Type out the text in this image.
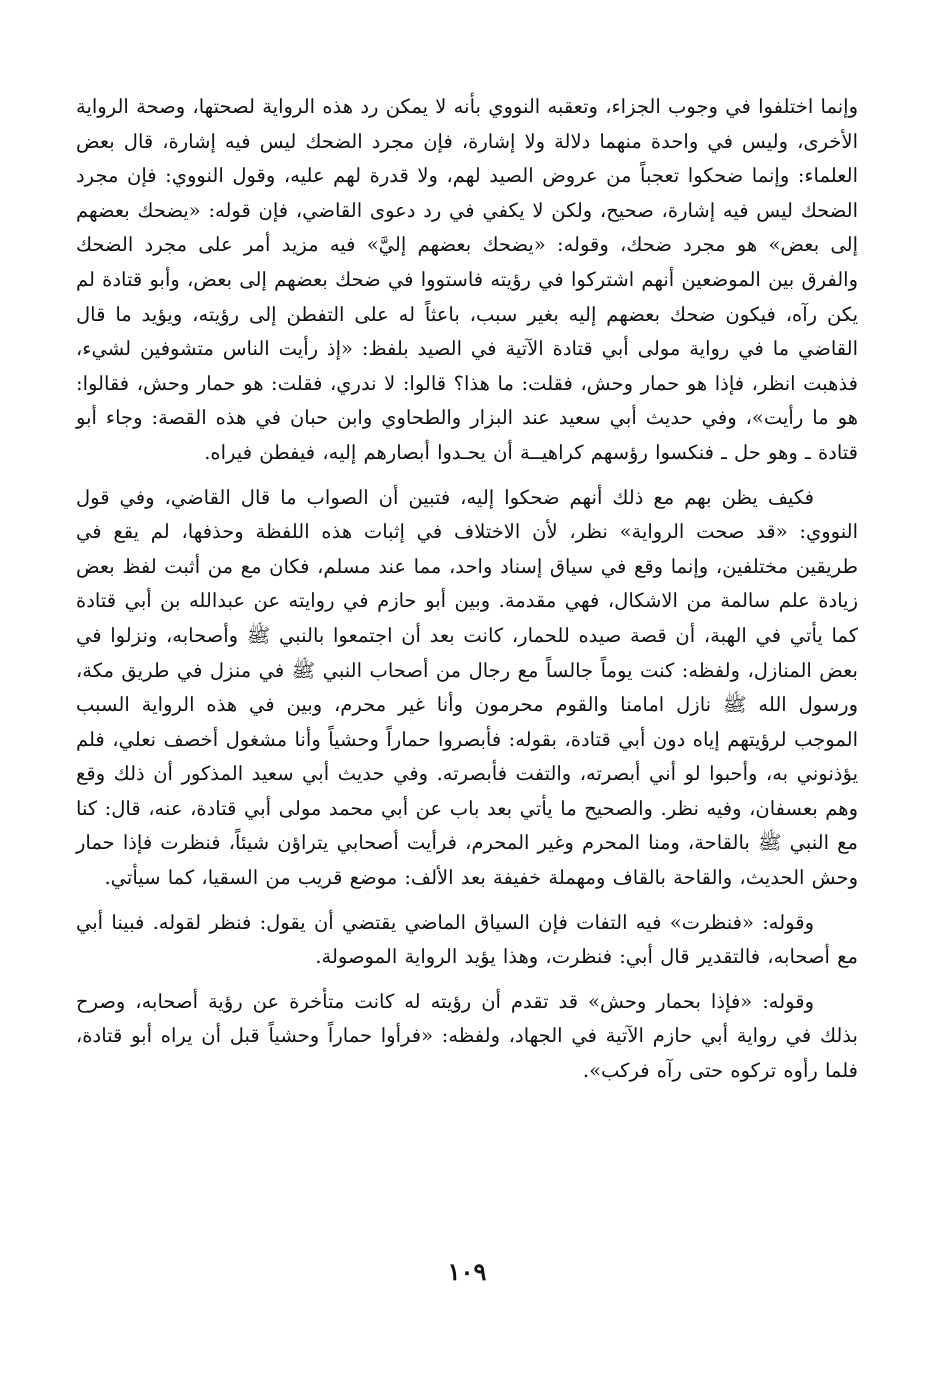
وإنما اختلفوا في وجوب الجزاء، وتعقبه النووي بأنه لا يمكن رد هذه الرواية لصحتها، وصحة الرواية الأخرى، وليس في واحدة منهما دلالة ولا إشارة، فإن مجرد الضحك ليس فيه إشارة، قال بعض العلماء: وإنما ضحكوا تعجباً من عروض الصيد لهم، ولا قدرة لهم عليه، وقول النووي: فإن مجرد الضحك ليس فيه إشارة، صحيح، ولكن لا يكفي في رد دعوى القاضي، فإن قوله: «يضحك بعضهم إلى بعض» هو مجرد ضحك، وقوله: «يضحك بعضهم إليَّ» فيه مزيد أمر على مجرد الضحك والفرق بين الموضعين أنهم اشتركوا في رؤيته فاستووا في ضحك بعضهم إلى بعض، وأبو قتادة لم يكن رآه، فيكون ضحك بعضهم إليه بغير سبب، باعثاً له على التفطن إلى رؤيته، ويؤيد ما قال القاضي ما في رواية مولى أبي قتادة الآتية في الصيد بلفظ: «إذ رأيت الناس متشوفين لشيء، فذهبت انظر، فإذا هو حمار وحش، فقلت: ما هذا؟ قالوا: لا ندري، فقلت: هو حمار وحش، فقالوا: هو ما رأيت»، وفي حديث أبي سعيد عند البزار والطحاوي وابن حبان في هذه القصة: وجاء أبو قتادة ـ وهو حل ـ فنكسوا رؤسهم كراهيــة أن يحـدوا أبصارهم إليه، فيفطن فيراه.

فكيف يظن بهم مع ذلك أنهم ضحكوا إليه، فتبين أن الصواب ما قال القاضي، وفي قول النووي: «قد صحت الرواية» نظر، لأن الاختلاف في إثبات هذه اللفظة وحذفها، لم يقع في طريقين مختلفين، وإنما وقع في سياق إسناد واحد، مما عند مسلم، فكان مع من أثبت لفظ بعض زيادة علم سالمة من الاشكال، فهي مقدمة. وبين أبو حازم في روايته عن عبدالله بن أبي قتادة كما يأتي في الهبة، أن قصة صيده للحمار، كانت بعد أن اجتمعوا بالنبي ﷺ وأصحابه، ونزلوا في بعض المنازل، ولفظه: كنت يوماً جالساً مع رجال من أصحاب النبي ﷺ في منزل في طريق مكة، ورسول الله ﷺ نازل امامنا والقوم محرمون وأنا غير محرم، وبين في هذه الرواية السبب الموجب لرؤيتهم إياه دون أبي قتادة، بقوله: فأبصروا حماراً وحشياً وأنا مشغول أخصف نعلي، فلم يؤذنوني به، وأحبوا لو أني أبصرته، والتفت فأبصرته. وفي حديث أبي سعيد المذكور أن ذلك وقع وهم بعسفان، وفيه نظر. والصحيح ما يأتي بعد باب عن أبي محمد مولى أبي قتادة، عنه، قال: كنا مع النبي ﷺ بالقاحة، ومنا المحرم وغير المحرم، فرأيت أصحابي يتراؤن شيئاً، فنظرت فإذا حمار وحش الحديث، والقاحة بالقاف ومهملة خفيفة بعد الألف: موضع قريب من السقيا، كما سيأتي.

وقوله: «فنظرت» فيه التفات فإن السياق الماضي يقتضي أن يقول: فنظر لقوله. فبينا أبي مع أصحابه، فالتقدير قال أبي: فنظرت، وهذا يؤيد الرواية الموصولة.

وقوله: «فإذا بحمار وحش» قد تقدم أن رؤيته له كانت متأخرة عن رؤية أصحابه، وصرح بذلك في رواية أبي حازم الآتية في الجهاد، ولفظه: «فرأوا حماراً وحشياً قبل أن يراه أبو قتادة، فلما رأوه تركوه حتى رآه فركب».

١٠٩
